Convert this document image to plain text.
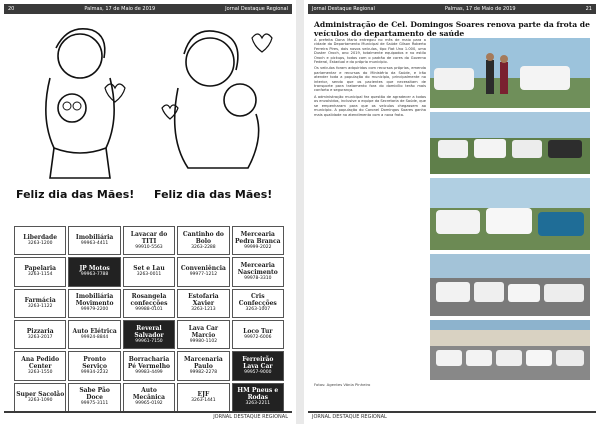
20	Palmas, 17 de Maio de 2019	Jornal Destaque Regional
Feliz dia das Mães! Feliz dia das Mães!
Liberdade
3263-1200
Imobiliária
99963-4411
Lavacar do TITI
99910-5563
Cantinho do Bolo
3263-2288
Mercearia Pedra Branca
99999-2022
Papelaria
3263-1154
JP Motos
99963-7788
Set e Lau
3263-0011
Conveniência
99977-1212
Mercearia Nascimento
99978-3310
Farmácia
3263-1122
Imobiliária Movimento
99979-2200
Rosangela confecções
99988-0101
Estofaria Xavier
3263-1213
Cris Confecções
3263-1007
Pizzaria
3263-2017
Auto Elétrica
99924-8844
Reveral Salvador
99961-7150
Lava Car Marcio
99980-1102
Loco Tur
99972-6006
Ana Pedido Center
3263-1550
Pronto Serviço
99934-2232
Borracharia Pé Vermelho
99983-4499
Marcenaria Paulo
99982-2278
Ferreirão Lava Car
99957-9000
Super Sacolão
3263-1090
Sabe Pão Doce
99975-3111
Auto Mecânica
99965-0192
EJF
3263-1441
HM Pneus e Rodas
3263-2211
JORNAL DESTAQUE REGIONAL
Jornal Destaque Regional	Palmas, 17 de Maio de 2019	21
Administração de Cel. Domingos Soares renova parte da frota de veículos do departamento de saúde

A prefeita Dona Maria entregou no mês de maio para a cidade do Departamento Municipal de Saúde Gilson Roberto Ferreira Pires, dois novos veículos, tipo Fiat Uno 1.000, uma Duster Oroch, ano 2019, totalmente equipados e no estilo Oroch e pickups, todos com o padrão de cores do Governo Federal, Estadual e do próprio município.

Os veículos foram adquiridos com recursos próprios, emenda parlamentar e recursos do Ministério da Saúde, e irão atender toda a população do município, principalmente no interior, sendo que os pacientes que necessitam de transporte para tratamento fora do domicílio terão mais conforto e segurança.

A administração municipal fez questão de agradecer a todos os envolvidos, inclusive a equipe da Secretaria de Saúde, que se empenharam para que os veículos chegassem ao município. A população do Coronel Domingos Soares ganha mais qualidade no atendimento com a nova frota.

Fotos: Agentes Vânia Pinheiro
JORNAL DESTAQUE REGIONAL
